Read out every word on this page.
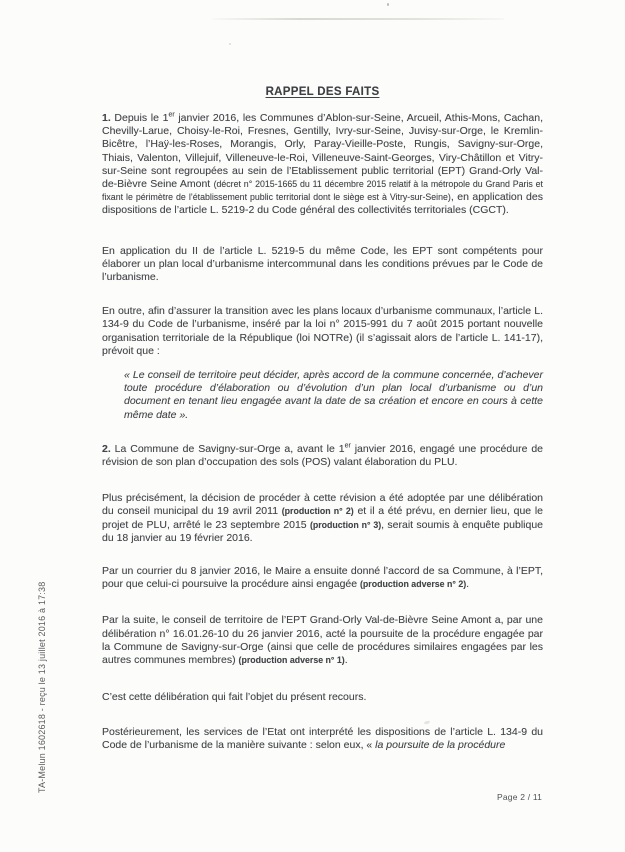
TA-Melun 1602618 - reçu le 13 juillet 2016 à 17:38
RAPPEL DES FAITS

1. Depuis le 1er janvier 2016, les Communes d’Ablon-sur-Seine, Arcueil, Athis-Mons, Cachan, Chevilly-Larue, Choisy-le-Roi, Fresnes, Gentilly, Ivry-sur-Seine, Juvisy-sur-Orge, le Kremlin-Bicêtre, l’Haÿ-les-Roses, Morangis, Orly, Paray-Vieille-Poste, Rungis, Savigny-sur-Orge, Thiais, Valenton, Villejuif, Villeneuve-le-Roi, Villeneuve-Saint-Georges, Viry-Châtillon et Vitry-sur-Seine sont regroupées au sein de l’Etablissement public territorial (EPT) Grand-Orly Val-de-Bièvre Seine Amont (décret n° 2015-1665 du 11 décembre 2015 relatif à la métropole du Grand Paris et fixant le périmètre de l’établissement public territorial dont le siège est à Vitry-sur-Seine), en application des dispositions de l’article L. 5219-2 du Code général des collectivités territoriales (CGCT).

En application du II de l’article L. 5219-5 du même Code, les EPT sont compétents pour élaborer un plan local d’urbanisme intercommunal dans les conditions prévues par le Code de l’urbanisme.

En outre, afin d’assurer la transition avec les plans locaux d’urbanisme communaux, l’article L. 134-9 du Code de l’urbanisme, inséré par la loi n° 2015-991 du 7 août 2015 portant nouvelle organisation territoriale de la République (loi NOTRe) (il s’agissait alors de l’article L. 141-17), prévoit que :

« Le conseil de territoire peut décider, après accord de la commune concernée, d’achever toute procédure d’élaboration ou d’évolution d’un plan local d’urbanisme ou d’un document en tenant lieu engagée avant la date de sa création et encore en cours à cette même date ».

2. La Commune de Savigny-sur-Orge a, avant le 1er janvier 2016, engagé une procédure de révision de son plan d’occupation des sols (POS) valant élaboration du PLU.

Plus précisément, la décision de procéder à cette révision a été adoptée par une délibération du conseil municipal du 19 avril 2011 (production n° 2) et il a été prévu, en dernier lieu, que le projet de PLU, arrêté le 23 septembre 2015 (production n° 3), serait soumis à enquête publique du 18 janvier au 19 février 2016.

Par un courrier du 8 janvier 2016, le Maire a ensuite donné l’accord de sa Commune, à l’EPT, pour que celui-ci poursuive la procédure ainsi engagée (production adverse n° 2).

Par la suite, le conseil de territoire de l’EPT Grand-Orly Val-de-Bièvre Seine Amont a, par une délibération n° 16.01.26-10 du 26 janvier 2016, acté la poursuite de la procédure engagée par la Commune de Savigny-sur-Orge (ainsi que celle de procédures similaires engagées par les autres communes membres) (production adverse n° 1).

C’est cette délibération qui fait l’objet du présent recours.

Postérieurement, les services de l’Etat ont interprété les dispositions de l’article L. 134-9 du Code de l’urbanisme de la manière suivante : selon eux, « la poursuite de la procédure

Page 2 / 11
